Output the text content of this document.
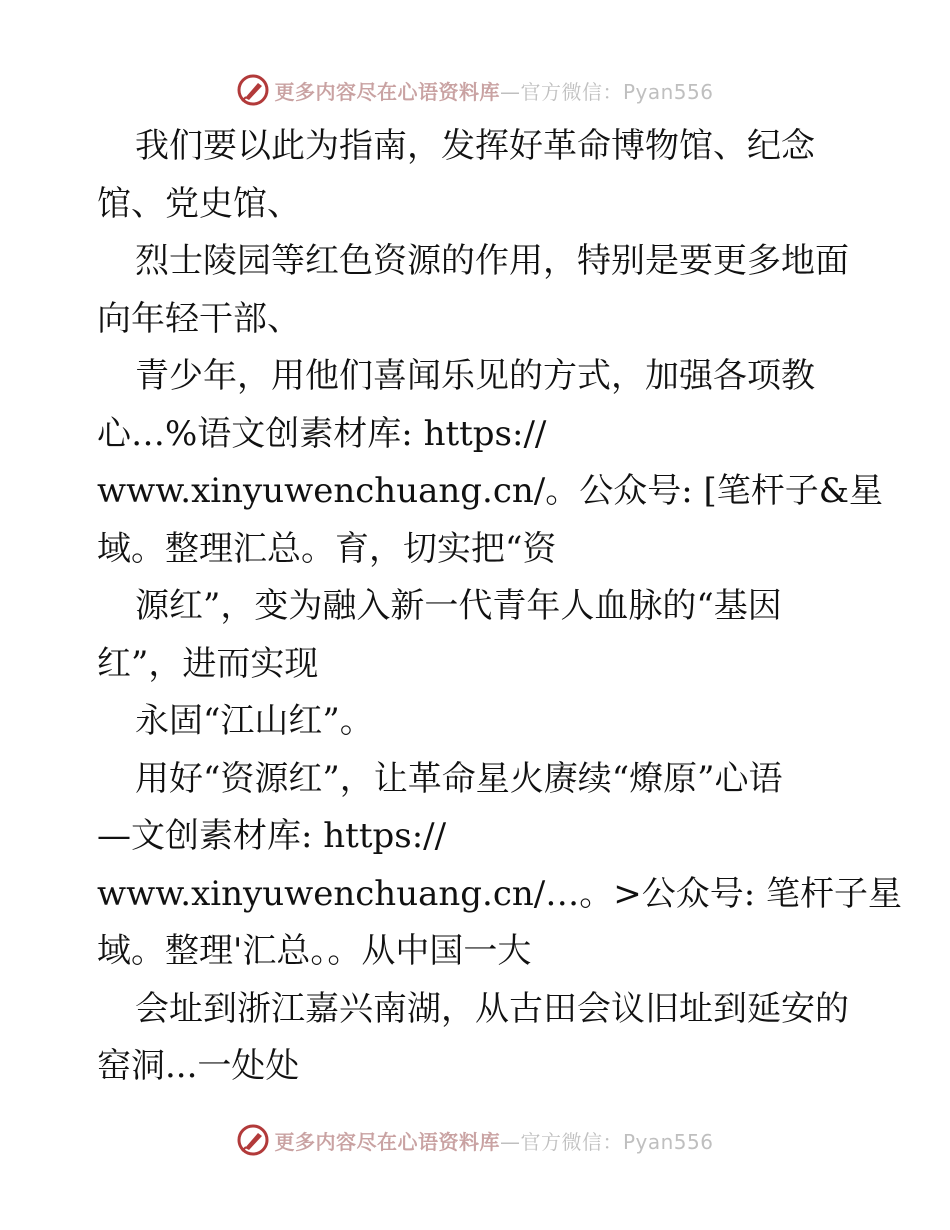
更多内容尽在心语资料库—官方微信：Pyan556
我们要以此为指南，发挥好革命博物馆、纪念
馆、党史馆、
烈士陵园等红色资源的作用，特别是要更多地面
向年轻干部、
青少年，用他们喜闻乐见的方式，加强各项教
心…%语文创素材库: https://
www.xinyuwenchuang.cn/。公众号: [笔杆子&星
域。整理汇总。育，切实把“资
源红”，变为融入新一代青年人血脉的“基因
红”，进而实现
永固“江山红”。
用好“资源红”，让革命星火赓续“燎原”心语
—文创素材库: https://
www.xinyuwenchuang.cn/…。>公众号: 笔杆子星
域。整理'汇总。。从中国一大
会址到浙江嘉兴南湖，从古田会议旧址到延安的
窑洞...一处处
更多内容尽在心语资料库—官方微信：Pyan556
